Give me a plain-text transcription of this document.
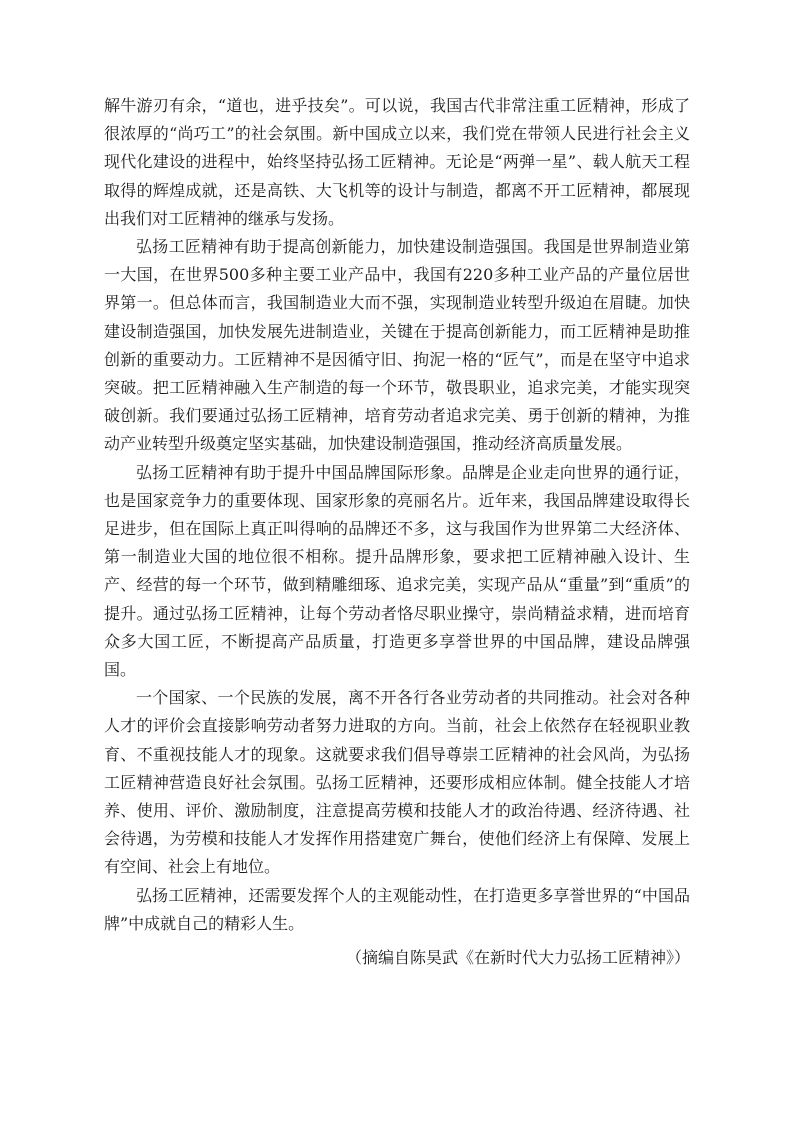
解牛游刃有余，“道也，进乎技矣”。可以说，我国古代非常注重工匠精神，形成了很浓厚的“尚巧工”的社会氛围。新中国成立以来，我们党在带领人民进行社会主义现代化建设的进程中，始终坚持弘扬工匠精神。无论是“两弹一星”、载人航天工程取得的辉煌成就，还是高铁、大飞机等的设计与制造，都离不开工匠精神，都展现出我们对工匠精神的继承与发扬。

弘扬工匠精神有助于提高创新能力，加快建设制造强国。我国是世界制造业第一大国，在世界500多种主要工业产品中，我国有220多种工业产品的产量位居世界第一。但总体而言，我国制造业大而不强，实现制造业转型升级迫在眉睫。加快建设制造强国，加快发展先进制造业，关键在于提高创新能力，而工匠精神是助推创新的重要动力。工匠精神不是因循守旧、拘泥一格的“匠气”，而是在坚守中追求突破。把工匠精神融入生产制造的每一个环节，敬畏职业，追求完美，才能实现突破创新。我们要通过弘扬工匠精神，培育劳动者追求完美、勇于创新的精神，为推动产业转型升级奠定坚实基础，加快建设制造强国，推动经济高质量发展。

弘扬工匠精神有助于提升中国品牌国际形象。品牌是企业走向世界的通行证，也是国家竞争力的重要体现、国家形象的亮丽名片。近年来，我国品牌建设取得长足进步，但在国际上真正叫得响的品牌还不多，这与我国作为世界第二大经济体、第一制造业大国的地位很不相称。提升品牌形象，要求把工匠精神融入设计、生产、经营的每一个环节，做到精雕细琢、追求完美，实现产品从“重量”到“重质”的提升。通过弘扬工匠精神，让每个劳动者恪尽职业操守，崇尚精益求精，进而培育众多大国工匠，不断提高产品质量，打造更多享誉世界的中国品牌，建设品牌强国。

一个国家、一个民族的发展，离不开各行各业劳动者的共同推动。社会对各种人才的评价会直接影响劳动者努力进取的方向。当前，社会上依然存在轻视职业教育、不重视技能人才的现象。这就要求我们倡导尊崇工匠精神的社会风尚，为弘扬工匠精神营造良好社会氛围。弘扬工匠精神，还要形成相应体制。健全技能人才培养、使用、评价、激励制度，注意提高劳模和技能人才的政治待遇、经济待遇、社会待遇，为劳模和技能人才发挥作用搭建宽广舞台，使他们经济上有保障、发展上有空间、社会上有地位。

弘扬工匠精神，还需要发挥个人的主观能动性，在打造更多享誉世界的“中国品牌”中成就自己的精彩人生。

（摘编自陈昊武《在新时代大力弘扬工匠精神》）
